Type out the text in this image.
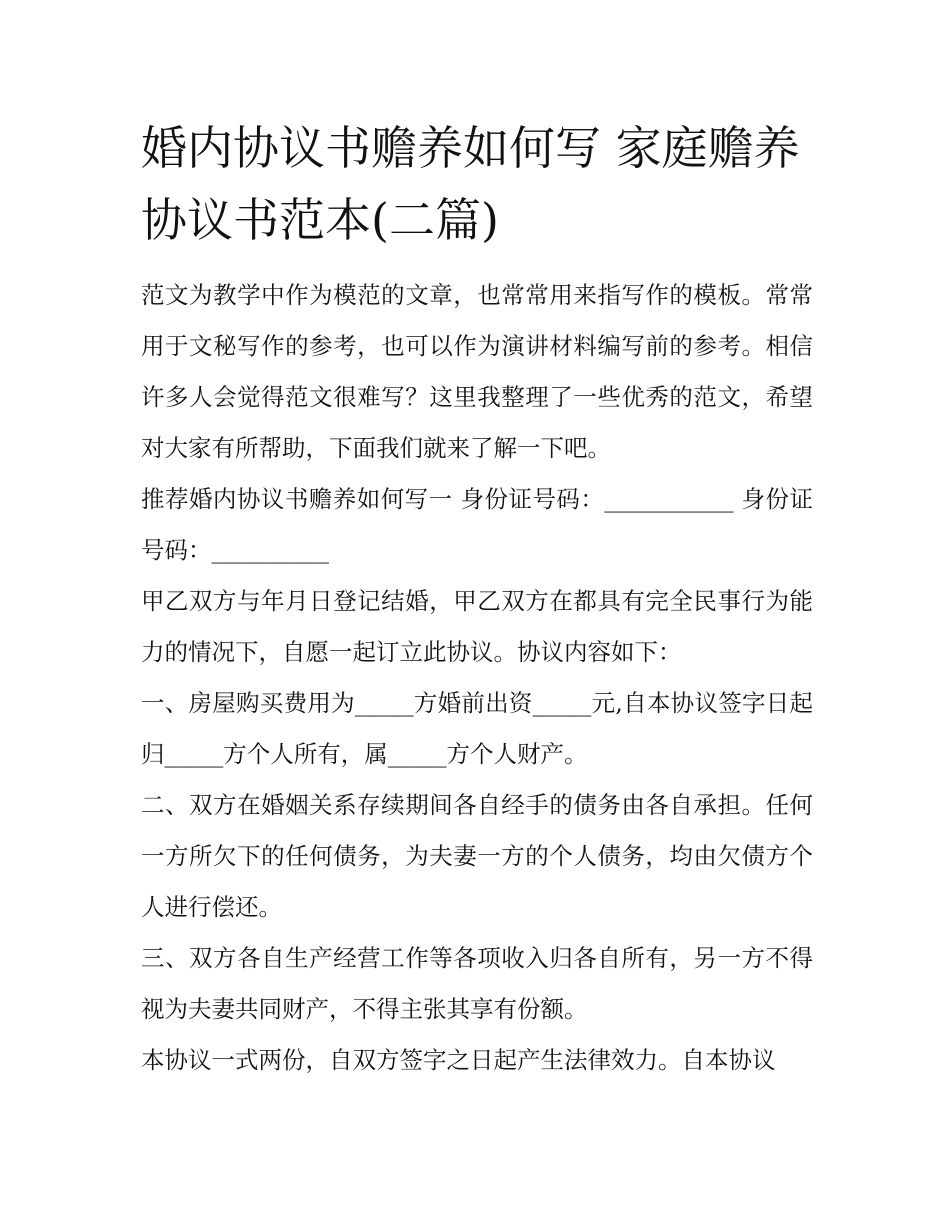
婚内协议书赡养如何写 家庭赡养协议书范本(二篇)

范文为教学中作为模范的文章，也常常用来指写作的模板。常常用于文秘写作的参考，也可以作为演讲材料编写前的参考。相信许多人会觉得范文很难写？这里我整理了一些优秀的范文，希望对大家有所帮助，下面我们就来了解一下吧。

推荐婚内协议书赡养如何写一 身份证号码：___________ 身份证号码：__________

甲乙双方与年月日登记结婚，甲乙双方在都具有完全民事行为能力的情况下，自愿一起订立此协议。协议内容如下：

一、房屋购买费用为_____方婚前出资_____元,自本协议签字日起归_____方个人所有，属_____方个人财产。

二、双方在婚姻关系存续期间各自经手的债务由各自承担。任何一方所欠下的任何债务，为夫妻一方的个人债务，均由欠债方个人进行偿还。

三、双方各自生产经营工作等各项收入归各自所有，另一方不得视为夫妻共同财产，不得主张其享有份额。

本协议一式两份，自双方签字之日起产生法律效力。自本协议
